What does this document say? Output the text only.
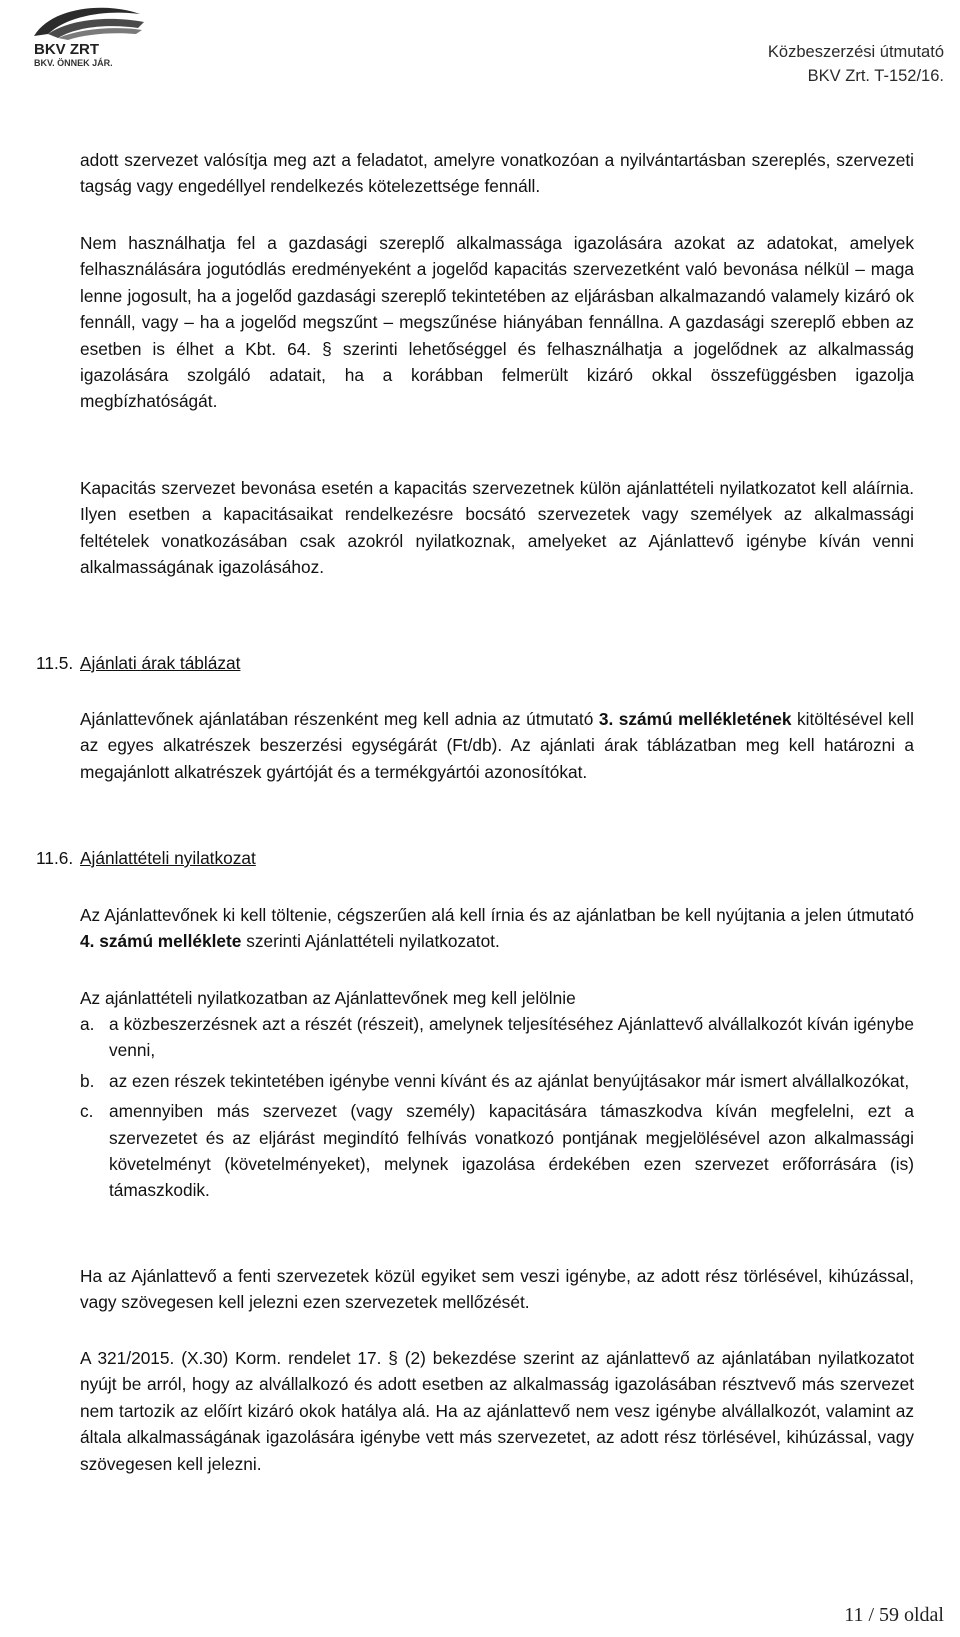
BKV ZRT
BKV. ÖNNEK JÁR.
Közbeszerzési útmutató
BKV Zrt. T-152/16.

adott szervezet valósítja meg azt a feladatot, amelyre vonatkozóan a nyilvántartásban szereplés, szervezeti tagság vagy engedéllyel rendelkezés kötelezettsége fennáll.

Nem használhatja fel a gazdasági szereplő alkalmassága igazolására azokat az adatokat, amelyek felhasználására jogutódlás eredményeként a jogelőd kapacitás szervezetként való bevonása nélkül – maga lenne jogosult, ha a jogelőd gazdasági szereplő tekintetében az eljárásban alkalmazandó valamely kizáró ok fennáll, vagy – ha a jogelőd megszűnt – megszűnése hiányában fennállna. A gazdasági szereplő ebben az esetben is élhet a Kbt. 64. § szerinti lehetőséggel és felhasználhatja a jogelődnek az alkalmasság igazolására szolgáló adatait, ha a korábban felmerült kizáró okkal összefüggésben igazolja megbízhatóságát.

Kapacitás szervezet bevonása esetén a kapacitás szervezetnek külön ajánlattételi nyilatkozatot kell aláírnia. Ilyen esetben a kapacitásaikat rendelkezésre bocsátó szervezetek vagy személyek az alkalmassági feltételek vonatkozásában csak azokról nyilatkoznak, amelyeket az Ajánlattevő igénybe kíván venni alkalmasságának igazolásához.

11.5. Ajánlati árak táblázat

Ajánlattevőnek ajánlatában részenként meg kell adnia az útmutató 3. számú mellékletének kitöltésével kell az egyes alkatrészek beszerzési egységárát (Ft/db). Az ajánlati árak táblázatban meg kell határozni a megajánlott alkatrészek gyártóját és a termékgyártói azonosítókat.

11.6. Ajánlattételi nyilatkozat

Az Ajánlattevőnek ki kell töltenie, cégszerűen alá kell írnia és az ajánlatban be kell nyújtania a jelen útmutató 4. számú melléklete szerinti Ajánlattételi nyilatkozatot.

Az ajánlattételi nyilatkozatban az Ajánlattevőnek meg kell jelölnie

a. a közbeszerzésnek azt a részét (részeit), amelynek teljesítéséhez Ajánlattevő alvállalkozót kíván igénybe venni,
b. az ezen részek tekintetében igénybe venni kívánt és az ajánlat benyújtásakor már ismert alvállalkozókat,
c. amennyiben más szervezet (vagy személy) kapacitására támaszkodva kíván megfelelni, ezt a szervezetet és az eljárást megindító felhívás vonatkozó pontjának megjelölésével azon alkalmassági követelményt (követelményeket), melynek igazolása érdekében ezen szervezet erőforrására (is) támaszkodik.

Ha az Ajánlattevő a fenti szervezetek közül egyiket sem veszi igénybe, az adott rész törlésével, kihúzással, vagy szövegesen kell jelezni ezen szervezetek mellőzését.

A 321/2015. (X.30) Korm. rendelet 17. § (2) bekezdése szerint az ajánlattevő az ajánlatában nyilatkozatot nyújt be arról, hogy az alvállalkozó és adott esetben az alkalmasság igazolásában résztvevő más szervezet nem tartozik az előírt kizáró okok hatálya alá. Ha az ajánlattevő nem vesz igénybe alvállalkozót, valamint az általa alkalmasságának igazolására igénybe vett más szervezetet, az adott rész törlésével, kihúzással, vagy szövegesen kell jelezni.

11 / 59 oldal
